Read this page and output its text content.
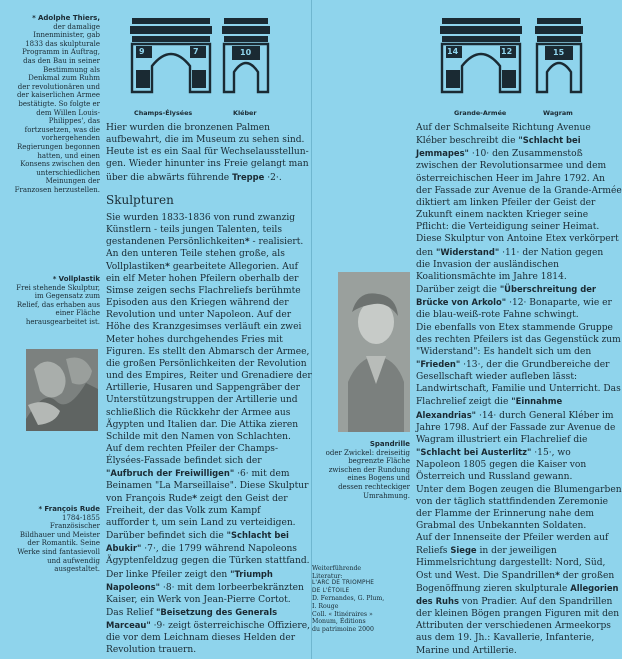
* Adolphe Thiers,
der damalige
Innenminister, gab
1833 das skulpturale
Programm in Auftrag,
das den Bau in seiner
Bestimmung als
Denkmal zum Ruhm
der revolutionären und
der kaiserlichen Armee
bestätigte. So folgte er
dem Willen Louis-
Philippes', das
fortzusetzen, was die
vorhergehenden
Regierungen begonnen
hatten, und einen
Konsens zwischen den
unterschiedlichen
Meinungen der
Franzosen herzustellen.
* Vollplastik
Frei stehende Skulptur,
im Gegensatz zum
Relief, das erhaben aus
einer Fläche
herausgearbeitet ist.
* François Rude
1784-1855
Französischer
Bildhauer und Meister
der Romantik. Seine
Werke sind fantasievoll
und aufwendig
ausgestaltet.
9	7	10
Champs-Élysées	Kléber

Hier wurden die bronzenen Palmen

aufbewahrt, die im Museum zu sehen sind.

Heute ist es ein Saal für Wechselausstellun-

gen. Wieder hinunter ins Freie gelangt man

über die abwärts führende Treppe ·2·.

Skulpturen

Sie wurden 1833-1836 von rund zwanzig

Künstlern - teils jungen Talenten, teils

gestandenen Persönlichkeiten* - realisiert.

An den unteren Teile stehen große, als

Vollplastiken* gearbeitete Allegorien. Auf

ein elf Meter hohen Pfeilern oberhalb der

Simse zeigen sechs Flachreliefs berühmte

Episoden aus den Kriegen während der

Revolution und unter Napoleon. Auf der

Höhe des Kranzgesimses verläuft ein zwei

Meter hohes durchgehendes Fries mit

Figuren. Es stellt den Abmarsch der Armee,

die großen Persönlichkeiten der Revolution

und des Empires, Reiter und Grenadiere der

Artillerie, Husaren und Sappengräber der

Unterstützungstruppen der Artillerie und

schließlich die Rückkehr der Armee aus

Ägypten und Italien dar. Die Attika zieren

Schilde mit den Namen von Schlachten.

Auf dem rechten Pfeiler der Champs-

Élysées-Fassade befindet sich der

"Aufbruch der Freiwilligen" ·6· mit dem

Beinamen "La Marseillaise". Diese Skulptur

von François Rude* zeigt den Geist der

Freiheit, der das Volk zum Kampf

aufforder t, um sein Land zu verteidigen.

Darüber befindet sich die "Schlacht bei

Abukir" ·7·, die 1799 während Napoleons

Ägyptenfeldzug gegen die Türken stattfand.

Der linke Pfeiler zeigt den "Triumph

Napoleons" ·8· mit dem lorbeerbekränzten

Kaiser, ein Werk von Jean-Pierre Cortot.

Das Relief "Beisetzung des Generals

Marceau" ·9· zeigt österreichische Offiziere,

die vor dem Leichnam dieses Helden der

Revolution trauern.

14	12	15
Grande-Armée	Wagram
Spandrille
oder Zwickel: dreiseitig
begrenzte Fläche
zwischen der Rundung
eines Bogens und
dessen rechteckiger
Umrahmung.
Weiterführende
Literatur:
L'ARC DE TRIOMPHE
DE L'ÉTOILE
D. Fernandes, G. Plum,
I. Rouge
Coll. « Itinéraires »
Monum, Éditions
du patrimoine 2000

Auf der Schmalseite Richtung Avenue

Kléber beschreibt die "Schlacht bei

Jemmapes" ·10· den Zusammenstoß

zwischen der Revolutionsarmee und dem

österreichischen Heer im Jahre 1792. An

der Fassade zur Avenue de la Grande-Armée

diktiert am linken Pfeiler der Geist der

Zukunft einem nackten Krieger seine

Pflicht: die Verteidigung seiner Heimat.

Diese Skulptur von Antoine Etex verkörpert

den "Widerstand" ·11· der Nation gegen

die Invasion der ausländischen

Koalitionsmächte im Jahre 1814.

Darüber zeigt die "Überschreitung der

Brücke von Arkolo" ·12· Bonaparte, wie er

die blau-weiß-rote Fahne schwingt.

Die ebenfalls von Etex stammende Gruppe

des rechten Pfeilers ist das Gegenstück zum

"Widerstand": Es handelt sich um den

"Frieden" ·13·, der die Grundbereiche der

Gesellschaft wieder aufleben lässt:

Landwirtschaft, Familie und Unterricht. Das

Flachrelief zeigt die "Einnahme

Alexandrias" ·14· durch General Kléber im

Jahre 1798. Auf der Fassade zur Avenue de

Wagram illustriert ein Flachrelief die

"Schlacht bei Austerlitz" ·15·, wo

Napoleon 1805 gegen die Kaiser von

Österreich und Russland gewann.

Unter dem Bogen zeugen die Blumengarben

von der täglich stattfindenden Zeremonie

der Flamme der Erinnerung nahe dem

Grabmal des Unbekannten Soldaten.

Auf der Innenseite der Pfeiler werden auf

Reliefs Siege in der jeweiligen

Himmelsrichtung dargestellt: Nord, Süd,

Ost und West. Die Spandrillen* der großen

Bogenöffnung zieren skulpturale Allegorien

des Ruhs von Pradier. Auf den Spandrillen

der kleinen Bögen prangen Figuren mit den

Attributen der verschiedenen Armeekorps

aus dem 19. Jh.: Kavallerie, Infanterie,

Marine und Artillerie.
